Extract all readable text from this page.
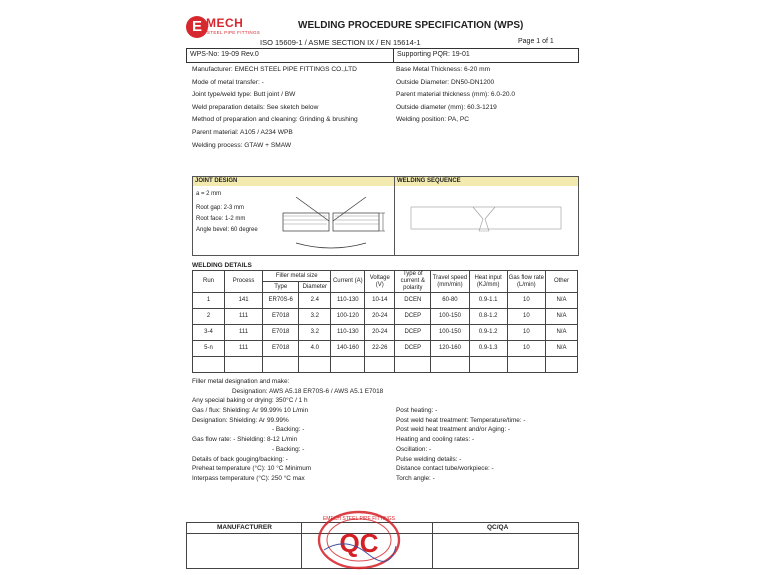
E MECH
STEEL PIPE FITTINGS
WELDING PROCEDURE SPECIFICATION (WPS)
ISO 15609-1 / ASME SECTION IX / EN 15614-1	Page 1 of 1
WPS-No: 19-09 Rev.0	Supporting PQR: 19-01
Manufacturer: EMECH STEEL PIPE FITTINGS CO.,LTD	Base Metal Thickness: 6-20 mm
Mode of metal transfer: -	Outside Diameter: DN50-DN1200
Joint type/weld type: Butt joint / BW	Parent material thickness (mm): 6.0-20.0
Weld preparation details: See sketch below	Outside diameter (mm): 60.3-1219
Method of preparation and cleaning: Grinding & brushing	Welding position: PA, PC
Parent material: A105 / A234 WPB
Welding process: GTAW + SMAW
JOINT DESIGN	WELDING SEQUENCE
a = 2 mm
Root gap: 2-3 mm
Root face: 1-2 mm
Angle bevel: 60 degree
WELDING DETAILS
Run	Process	Filler metal size		Current (A)	Voltage (V)	Type of current & polarity	Travel speed (mm/min)	Heat input (KJ/mm)	Gas flow rate (L/min)	Other
		Type	Diameter							
1	141	ER70S-6	2.4	110-130	10-14	DCEN	60-80	0.9-1.1	10	N/A
2	111	E7018	3.2	100-120	20-24	DCEP	100-150	0.8-1.2	10	N/A
3-4	111	E7018	3.2	110-130	20-24	DCEP	100-150	0.9-1.2	10	N/A
5-n	111	E7018	4.0	140-160	22-26	DCEP	120-160	0.9-1.3	10	N/A

Filler metal designation and make:
Designation: AWS A5.18 ER70S-6 / AWS A5.1 E7018
Any special baking or drying: 350°C / 1 h
Gas / flux: Shielding: Ar 99.99% 10 L/min	Post heating: -
Designation: Shielding: Ar 99.99%	Post weld heat treatment: Temperature/time: -
- Backing: -	Post weld heat treatment and/or Aging: -
Gas flow rate: - Shielding: 8-12 L/min	Heating and cooling rates: -
- Backing: -	Oscillation: -
Details of back gouging/backing: -	Pulse welding details: -
Preheat temperature (°C): 10 °C Minimum	Distance contact tube/workpiece: -
Interpass temperature (°C): 250 °C max	Torch angle: -
MANUFACTURER	QC/QA
EMECH STEEL PIPE FITTINGS
QC
